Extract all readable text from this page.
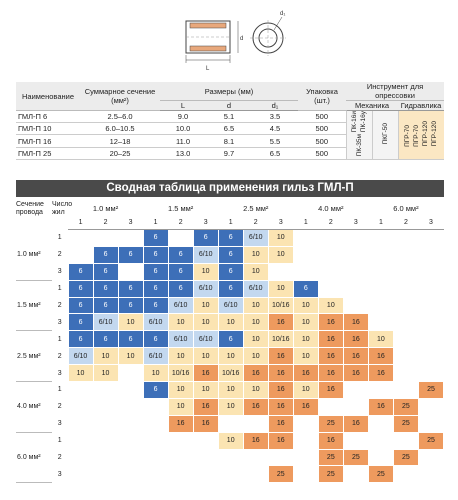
L
d
d₁
Наименование	Суммарное сечение (мм²)	Размеры (мм)			Упаковка (шт.)	Инструмент для опрессовки		
		L	d	d₁		Механика		Гидравлика
ГМЛ-П 6	2.5–6.0	9.0	5.1	3.5	500	ПК-16и ПК-16у ПК-35м	ПКГ-50	ПГР-70 ПГР-70 ПГР-120 ПГР-120
ГМЛ-П 10	6.0–10.5	10.0	6.5	4.5	500			
ГМЛ-П 16	12–18	11.0	8.1	5.5	500			
ГМЛ-П 25	20–25	13.0	9.7	6.5	500			
Сводная таблица применения гильз ГМЛ-П
Сечение провода	Число жил	1.0 мм²			1.5 мм²			2.5 мм²			4.0 мм²			6.0 мм²		
		1	2	3	1	2	3	1	2	3	1	2	3	1	2	3
1.0 мм²	1				6		6	6	6/10	10						
	2		6	6	6	6	6/10	6	10	10						
	3	6	6		6	6	10	6	10							
1.5 мм²	1	6	6	6	6	6	6/10	6	6/10	10	6					
	2	6	6	6	6	6/10	10	6/10	10	10/16	10	10				
	3	6	6/10	10	6/10	10	10	10	10	16	10	16	16			
2.5 мм²	1	6	6	6	6	6/10	6/10	6	10	10/16	10	16	16	10		
	2	6/10	10	10	6/10	10	10	10	10	16	10	16	16	16		
	3	10	10		10	10/16	16	10/16	16	16	16	16	16	16		
4.0 мм²	1				6	10	10	10	10	16	10	16				25
	2					10	16	10	16	16	16			16	25	
	3					16	16			16		25	16		25	
6.0 мм²	1							10	16	16		16				25
	2											25	25		25	
	3									25		25		25		
